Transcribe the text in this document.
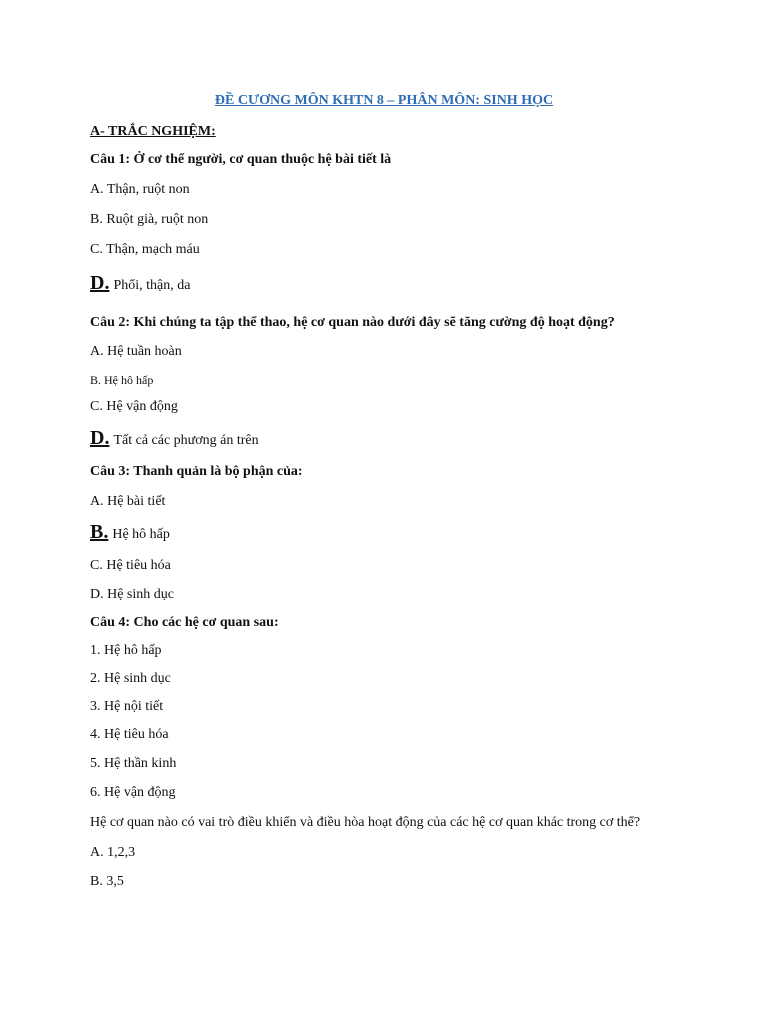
ĐỀ CƯƠNG MÔN KHTN 8 – PHÂN MÔN: SINH HỌC
A- TRẮC NGHIỆM:
Câu 1: Ở cơ thể người, cơ quan thuộc hệ bài tiết là
A. Thận, ruột non
B. Ruột già, ruột non
C. Thận, mạch máu
D. Phổi, thận, da
Câu 2: Khi chúng ta tập thể thao, hệ cơ quan nào dưới đây sẽ tăng cường độ hoạt động?
A. Hệ tuần hoàn
B. Hệ hô hấp
C. Hệ vận động
D. Tất cả các phương án trên
Câu 3: Thanh quản là bộ phận của:
A. Hệ bài tiết
B. Hệ hô hấp
C. Hệ tiêu hóa
D. Hệ sinh dục
Câu 4: Cho các hệ cơ quan sau:
1. Hệ hô hấp
2. Hệ sinh dục
3. Hệ nội tiết
4. Hệ tiêu hóa
5. Hệ thần kinh
6. Hệ vận động
Hệ cơ quan nào có vai trò điều khiển và điều hòa hoạt động của các hệ cơ quan khác trong cơ thể?
A. 1,2,3
B. 3,5
